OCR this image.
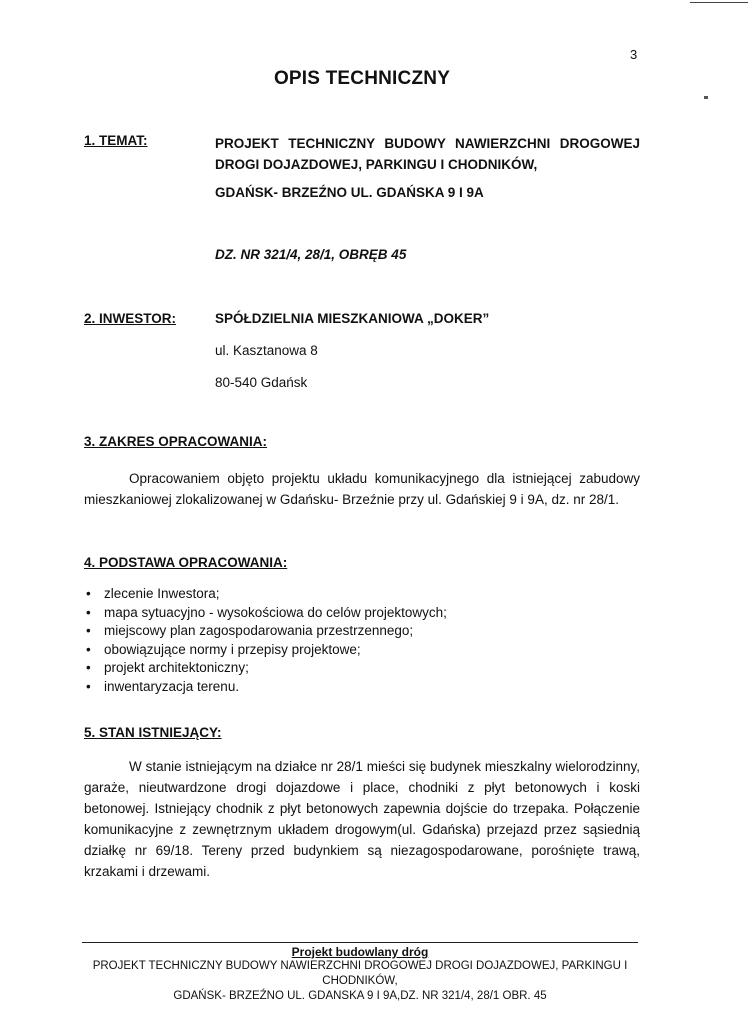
3
OPIS TECHNICZNY
1. TEMAT:	PROJEKT TECHNICZNY BUDOWY NAWIERZCHNI DROGOWEJ DROGI DOJAZDOWEJ, PARKINGU I CHODNIKÓW,
GDAŃSK- BRZEŹNO UL. GDAŃSKA 9 I 9A
DZ. NR 321/4, 28/1, OBRĘB 45
2. INWESTOR:	SPÓŁDZIELNIA MIESZKANIOWA „DOKER”
ul. Kasztanowa 8
80-540 Gdańsk
3. ZAKRES OPRACOWANIA:
Opracowaniem objęto projektu układu komunikacyjnego dla istniejącej zabudowy mieszkaniowej zlokalizowanej w Gdańsku- Brzeźnie przy ul. Gdańskiej 9 i 9A, dz. nr 28/1.
4. PODSTAWA OPRACOWANIA:
• zlecenie Inwestora;
• mapa sytuacyjno - wysokościowa do celów projektowych;
• miejscowy plan zagospodarowania przestrzennego;
• obowiązujące normy i przepisy projektowe;
• projekt architektoniczny;
• inwentaryzacja terenu.
5. STAN ISTNIEJĄCY:
W stanie istniejącym na działce nr 28/1 mieści się budynek mieszkalny wielorodzinny, garaże, nieutwardzone drogi dojazdowe i place, chodniki z płyt betonowych i koski betonowej. Istniejący chodnik z płyt betonowych zapewnia dojście do trzepaka. Połączenie komunikacyjne z zewnętrznym układem drogowym(ul. Gdańska) przejazd przez sąsiednią działkę nr 69/18. Tereny przed budynkiem są niezagospodarowane, porośnięte trawą, krzakami i drzewami.
Projekt budowlany dróg
PROJEKT TECHNICZNY BUDOWY NAWIERZCHNI DROGOWEJ DROGI DOJAZDOWEJ, PARKINGU I CHODNIKÓW,
GDAŃSK- BRZEŹNO UL. GDANSKA 9 I 9A,DZ. NR 321/4, 28/1 OBR. 45
